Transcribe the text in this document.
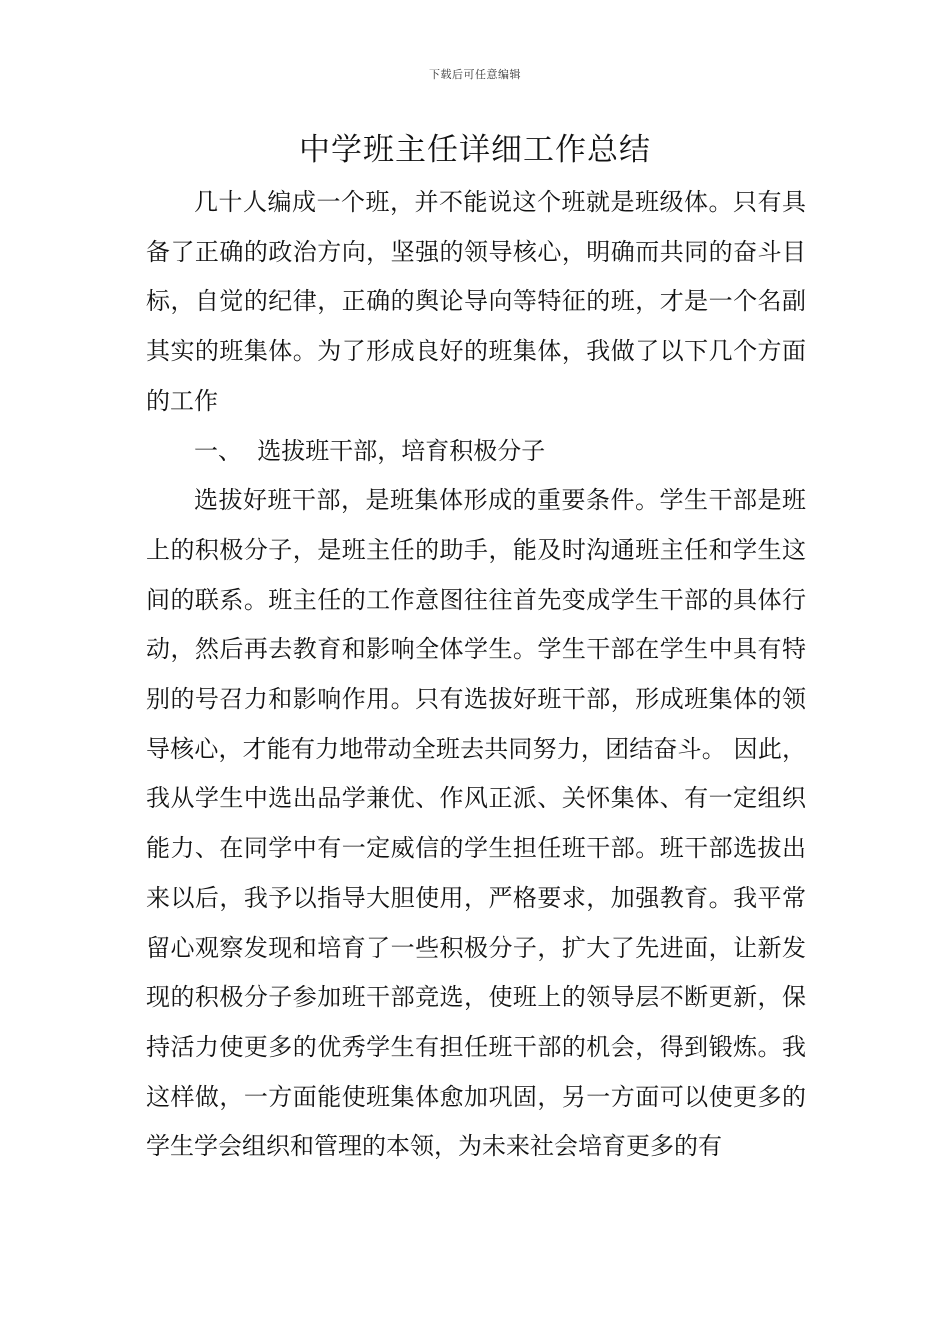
下载后可任意编辑
中学班主任详细工作总结

几十人编成一个班，并不能说这个班就是班级体。只有具备了正确的政治方向，坚强的领导核心，明确而共同的奋斗目标，自觉的纪律，正确的舆论导向等特征的班，才是一个名副其实的班集体。为了形成良好的班集体，我做了以下几个方面的工作

一、  选拔班干部，培育积极分子

选拔好班干部，是班集体形成的重要条件。学生干部是班上的积极分子，是班主任的助手，能及时沟通班主任和学生这间的联系。班主任的工作意图往往首先变成学生干部的具体行动，然后再去教育和影响全体学生。学生干部在学生中具有特别的号召力和影响作用。只有选拔好班干部，形成班集体的领导核心，才能有力地带动全班去共同努力，团结奋斗。 因此，我从学生中选出品学兼优、作风正派、关怀集体、有一定组织能力、在同学中有一定威信的学生担任班干部。班干部选拔出来以后，我予以指导大胆使用，严格要求，加强教育。我平常留心观察发现和培育了一些积极分子，扩大了先进面，让新发现的积极分子参加班干部竞选，使班上的领导层不断更新，保持活力使更多的优秀学生有担任班干部的机会，得到锻炼。我这样做，一方面能使班集体愈加巩固，另一方面可以使更多的学生学会组织和管理的本领，为未来社会培育更多的有
